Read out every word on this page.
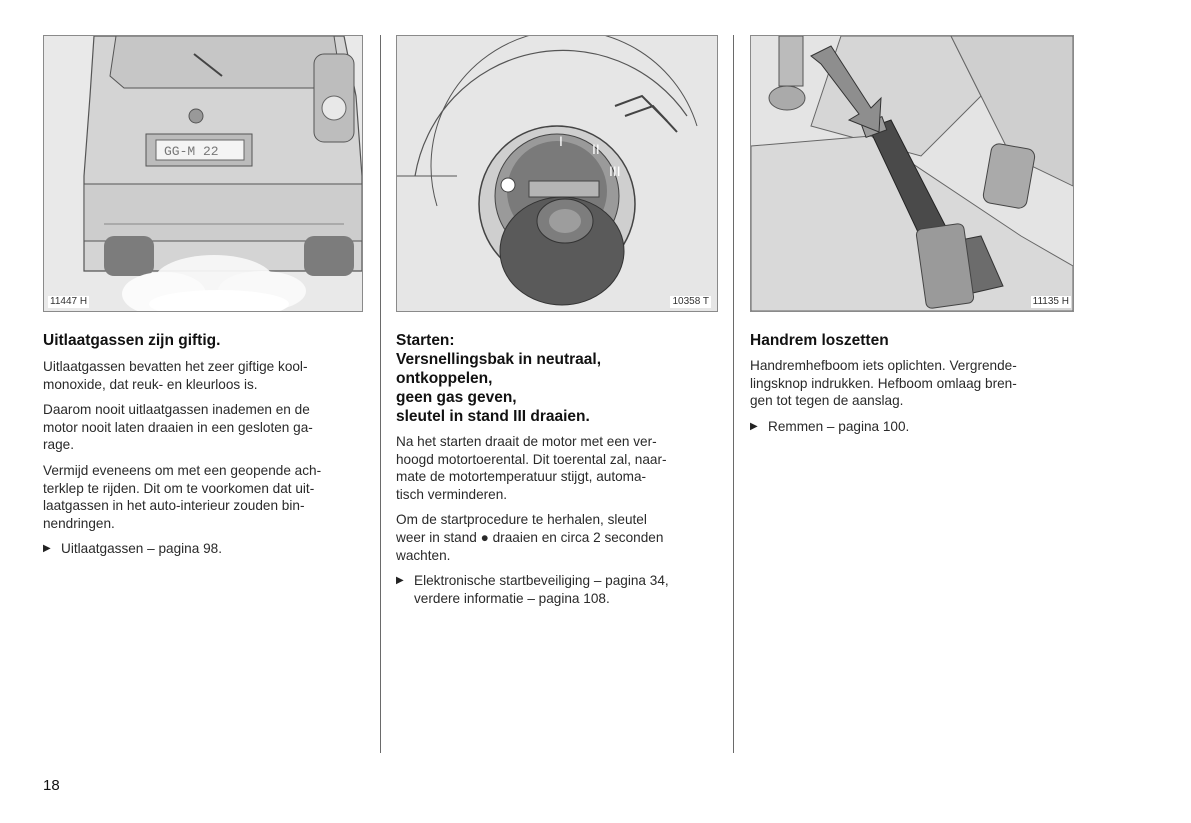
GG-M 22
11447 H
Uitlaatgassen zijn giftig.

Uitlaatgassen bevatten het zeer giftige kool-
monoxide, dat reuk- en kleurloos is.

Daarom nooit uitlaatgassen inademen en de
motor nooit laten draaien in een gesloten ga-
rage.

Vermijd eveneens om met een geopende ach-
terklep te rijden. Dit om te voorkomen dat uit-
laatgassen in het auto-interieur zouden bin-
nendringen.

▶ Uitlaatgassen – pagina 98.
I II
III
10358 T
Starten:
Versnellingsbak in neutraal,
ontkoppelen,
geen gas geven,
sleutel in stand III draaien.

Na het starten draait de motor met een ver-
hoogd motortoerental. Dit toerental zal, naar-
mate de motortemperatuur stijgt, automa-
tisch verminderen.

Om de startprocedure te herhalen, sleutel
weer in stand ● draaien en circa 2 seconden
wachten.

▶ Elektronische startbeveiliging – pagina 34,
verdere informatie – pagina 108.
11135 H
Handrem loszetten

Handremhefboom iets oplichten. Vergrende-
lingsknop indrukken. Hefboom omlaag bren-
gen tot tegen de aanslag.

▶ Remmen – pagina 100.
18
